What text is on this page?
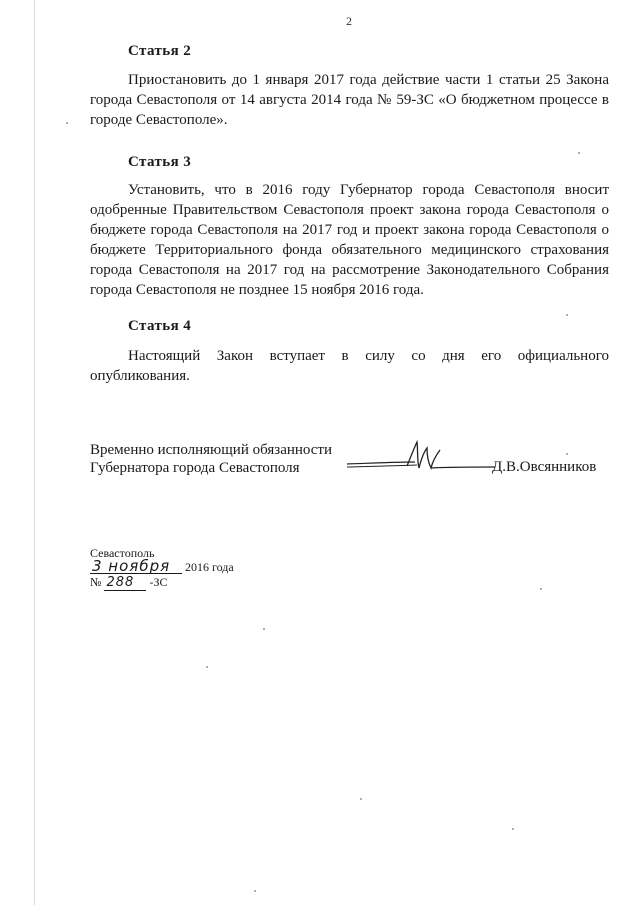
2
Статья 2
Приостановить до 1 января 2017 года действие части 1 статьи 25 Закона города Севастополя от 14 августа 2014 года № 59-ЗС «О бюджетном процессе в городе Севастополе».
Статья 3
Установить, что в 2016 году Губернатор города Севастополя вносит одобренные Правительством Севастополя проект закона города Севастополя о бюджете города Севастополя на 2017 год и проект закона города Севастополя о бюджете Территориального фонда обязательного медицинского страхования города Севастополя на 2017 год на рассмотрение Законодательного Собрания города Севастополя не позднее 15 ноября 2016 года.
Статья 4
Настоящий Закон вступает в силу со дня его официального опубликования.
Временно исполняющий обязанности
Губернатора города Севастополя	Д.В.Овсянников
Севастополь
3 ноября 2016 года
№ 288 -ЗС
